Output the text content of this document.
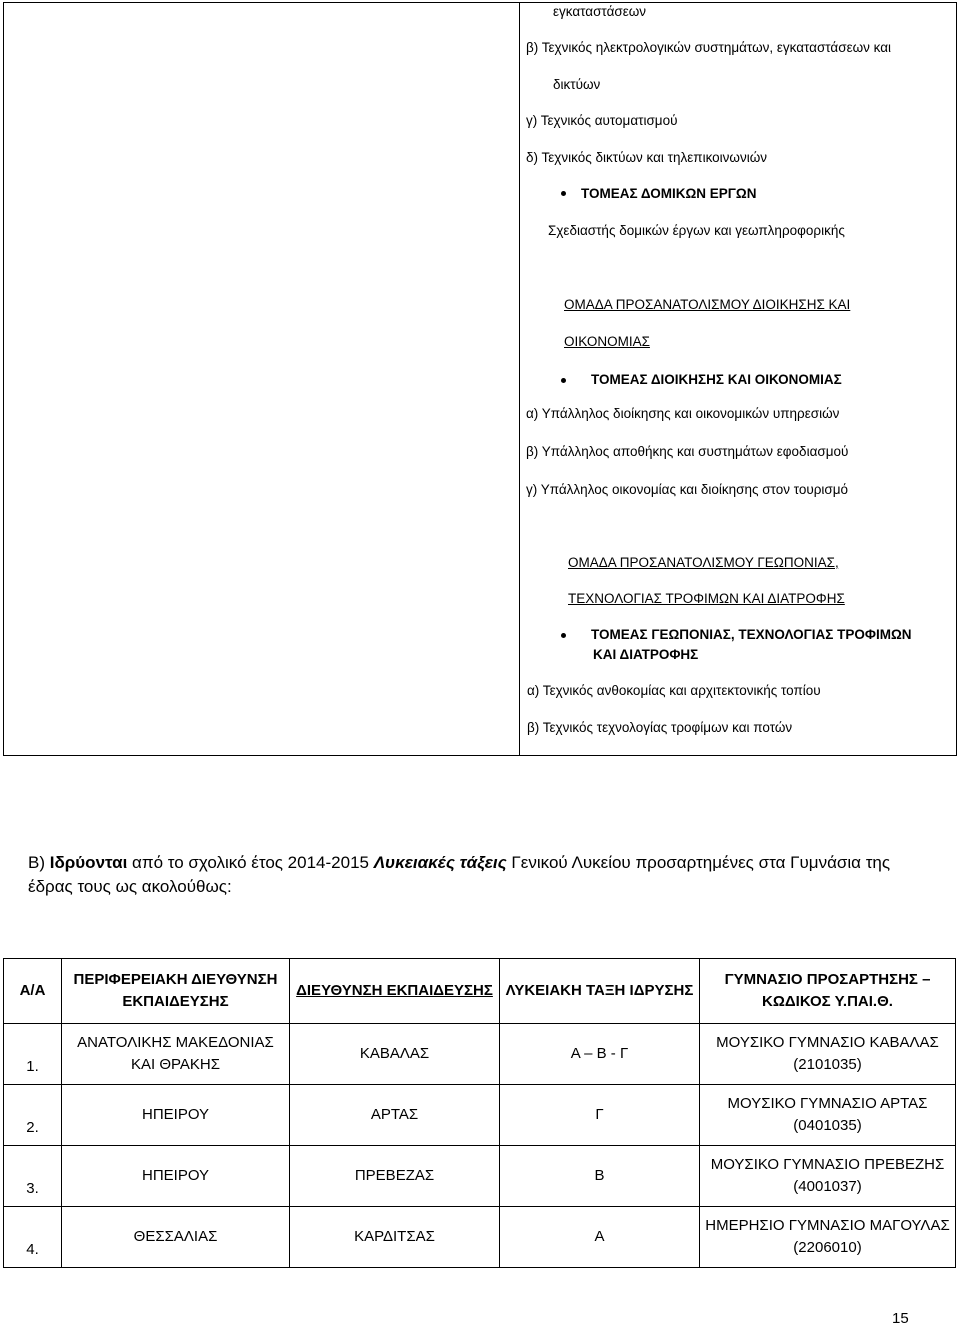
εγκαταστάσεων
β) Τεχνικός ηλεκτρολογικών συστημάτων, εγκαταστάσεων και
δικτύων
γ) Τεχνικός αυτοματισμού
δ) Τεχνικός δικτύων και τηλεπικοινωνιών
ΤΟΜΕΑΣ ΔΟΜΙΚΩΝ ΕΡΓΩΝ
Σχεδιαστής δομικών έργων και γεωπληροφορικής
ΟΜΑΔΑ ΠΡΟΣΑΝΑΤΟΛΙΣΜΟΥ ΔΙΟΙΚΗΣΗΣ ΚΑΙ
ΟΙΚΟΝΟΜΙΑΣ
ΤΟΜΕΑΣ ΔΙΟΙΚΗΣΗΣ ΚΑΙ ΟΙΚΟΝΟΜΙΑΣ
α) Υπάλληλος διοίκησης και οικονομικών υπηρεσιών
β) Υπάλληλος αποθήκης και συστημάτων εφοδιασμού
γ) Υπάλληλος οικονομίας και διοίκησης στον τουρισμό
ΟΜΑΔΑ ΠΡΟΣΑΝΑΤΟΛΙΣΜΟΥ ΓΕΩΠΟΝΙΑΣ,
ΤΕΧΝΟΛΟΓΙΑΣ ΤΡΟΦΙΜΩΝ ΚΑΙ ΔΙΑΤΡΟΦΗΣ
ΤΟΜΕΑΣ ΓΕΩΠΟΝΙΑΣ, ΤΕΧΝΟΛΟΓΙΑΣ ΤΡΟΦΙΜΩΝ
ΚΑΙ ΔΙΑΤΡΟΦΗΣ
α) Τεχνικός ανθοκομίας και αρχιτεκτονικής τοπίου
β) Τεχνικός τεχνολογίας τροφίμων και ποτών
Β) Ιδρύονται από το σχολικό έτος 2014-2015 Λυκειακές τάξεις Γενικού Λυκείου προσαρτημένες στα Γυμνάσια της έδρας τους ως ακολούθως:
Α/Α	ΠΕΡΙΦΕΡΕΙΑΚΗ ΔΙΕΥΘΥΝΣΗ ΕΚΠΑΙΔΕΥΣΗΣ	ΔΙΕΥΘΥΝΣΗ ΕΚΠΑΙΔΕΥΣΗΣ	ΛΥΚΕΙΑΚΗ ΤΑΞΗ ΙΔΡΥΣΗΣ	ΓΥΜΝΑΣΙΟ ΠΡΟΣΑΡΤΗΣΗΣ – ΚΩΔΙΚΟΣ Υ.ΠΑΙ.Θ.
1.	ΑΝΑΤΟΛΙΚΗΣ ΜΑΚΕΔΟΝΙΑΣ ΚΑΙ ΘΡΑΚΗΣ	ΚΑΒΑΛΑΣ	Α – Β - Γ	ΜΟΥΣΙΚΟ ΓΥΜΝΑΣΙΟ ΚΑΒΑΛΑΣ (2101035)
2.	ΗΠΕΙΡΟΥ	ΑΡΤΑΣ	Γ	ΜΟΥΣΙΚΟ ΓΥΜΝΑΣΙΟ ΑΡΤΑΣ (0401035)
3.	ΗΠΕΙΡΟΥ	ΠΡΕΒΕΖΑΣ	Β	ΜΟΥΣΙΚΟ ΓΥΜΝΑΣΙΟ ΠΡΕΒΕΖΗΣ (4001037)
4.	ΘΕΣΣΑΛΙΑΣ	ΚΑΡΔΙΤΣΑΣ	Α	ΗΜΕΡΗΣΙΟ ΓΥΜΝΑΣΙΟ ΜΑΓΟΥΛΑΣ (2206010)
15
